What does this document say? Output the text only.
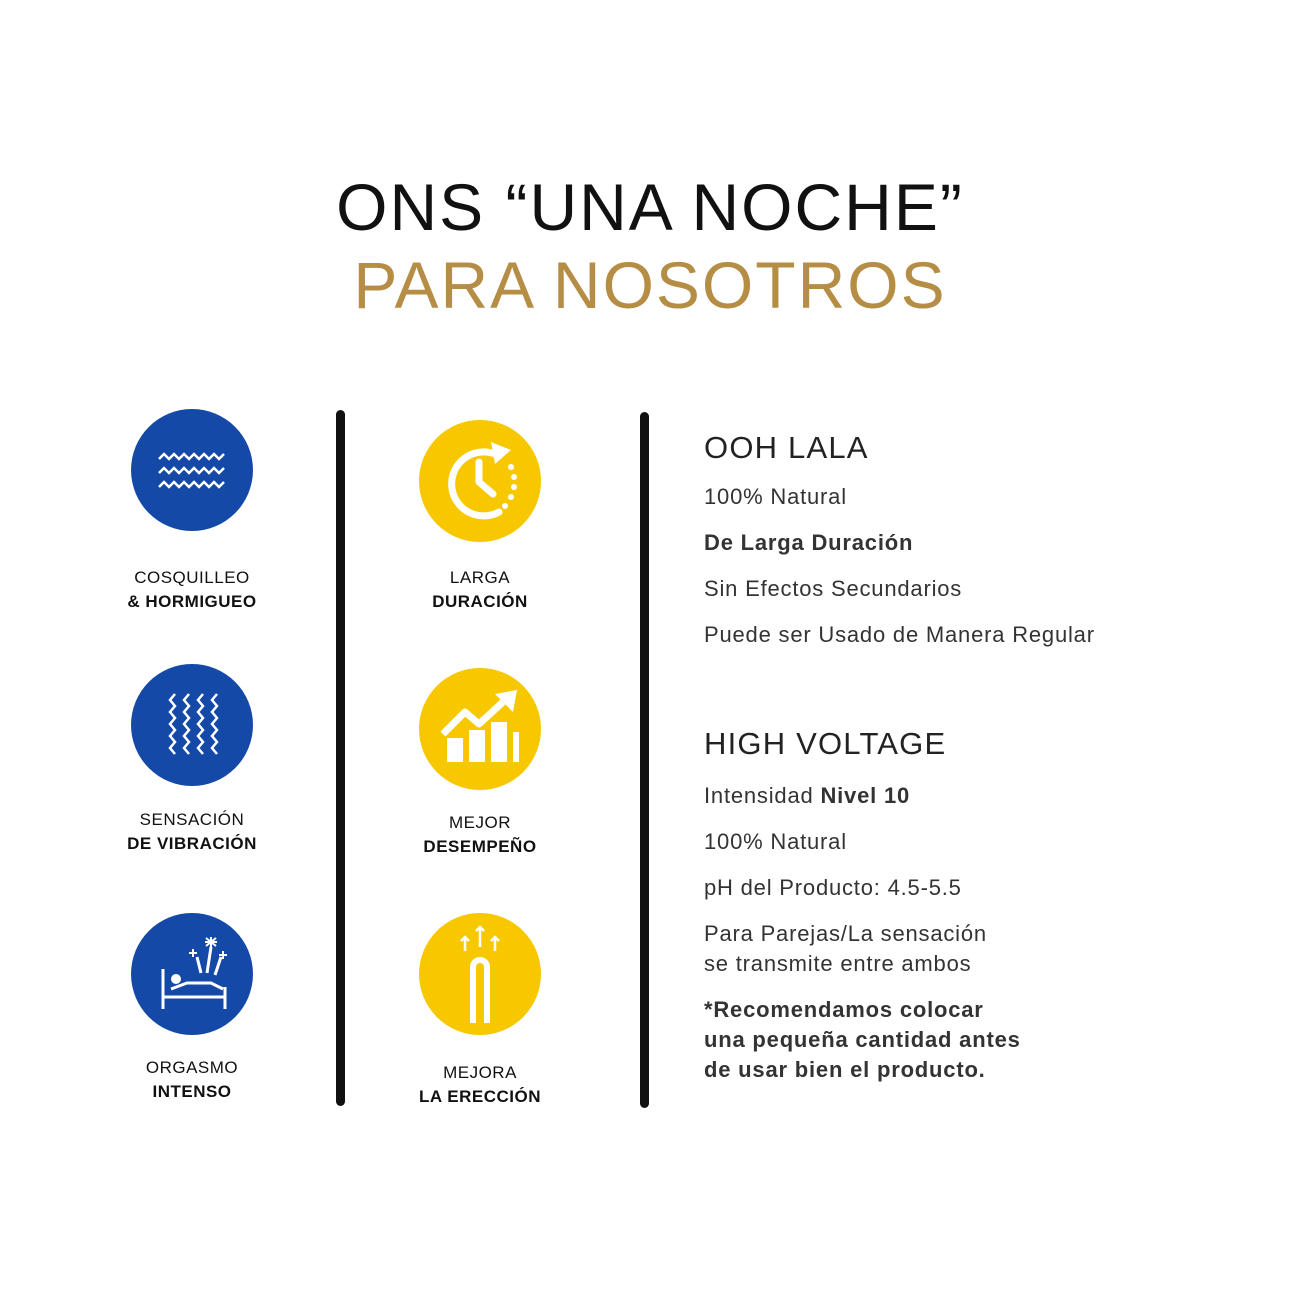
ONS “UNA NOCHE”
PARA NOSOTROS
COSQUILLEO
& HORMIGUEO
SENSACIÓN
DE VIBRACIÓN
ORGASMO
INTENSO
LARGA
DURACIÓN
MEJOR
DESEMPEÑO
MEJORA
LA ERECCIÓN
OOH LALA
100% Natural
De Larga Duración
Sin Efectos Secundarios
Puede ser Usado de Manera Regular
HIGH VOLTAGE
Intensidad Nivel 10
100% Natural
pH del Producto: 4.5-5.5
Para Parejas/La sensación
se transmite entre ambos
*Recomendamos colocar
una pequeña cantidad antes
de usar bien el producto.
